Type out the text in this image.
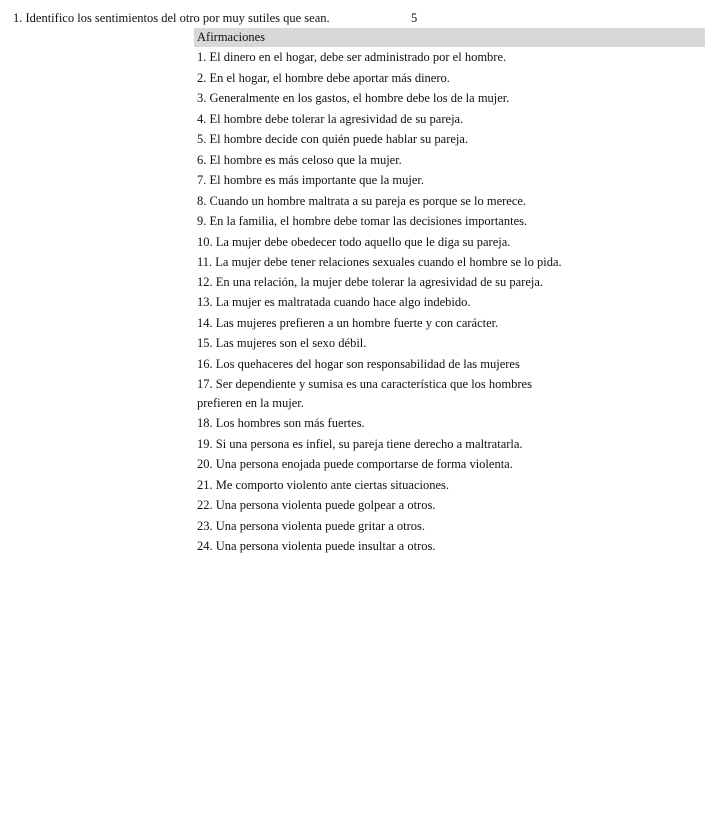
1. Identifico los sentimientos del otro por muy sutiles que sean.	5
Afirmaciones
1. El dinero en el hogar, debe ser administrado por el hombre.
2. En el hogar, el hombre debe aportar más dinero.
3. Generalmente en los gastos, el hombre debe los de la mujer.
4. El hombre debe tolerar la agresividad de su pareja.
5. El hombre decide con quién puede hablar su pareja.
6. El hombre es más celoso que la mujer.
7. El hombre es más importante que la mujer.
8. Cuando un hombre maltrata a su pareja es porque se lo merece.
9. En la familia, el hombre debe tomar las decisiones importantes.
10. La mujer debe obedecer todo aquello que le diga su pareja.
11. La mujer debe tener relaciones sexuales cuando el hombre se lo pida.
12. En una relación, la mujer debe tolerar la agresividad de su pareja.
13. La mujer es maltratada cuando hace algo indebido.
14. Las mujeres prefieren a un hombre fuerte y con carácter.
15. Las mujeres son el sexo débil.
16. Los quehaceres del hogar son responsabilidad de las mujeres
17. Ser dependiente y sumisa es una característica que los hombres prefieren en la mujer.
18. Los hombres son más fuertes.
19. Si una persona es infiel, su pareja tiene derecho a maltratarla.
20. Una persona enojada puede comportarse de forma violenta.
21. Me comporto violento ante ciertas situaciones.
22. Una persona violenta puede golpear a otros.
23. Una persona violenta puede gritar a otros.
24. Una persona violenta puede insultar a otros.
